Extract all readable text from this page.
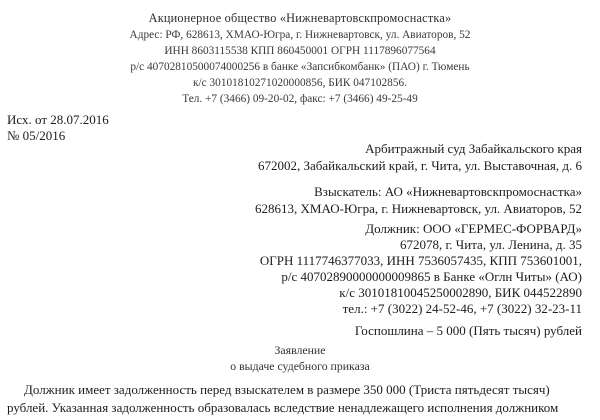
Акционерное общество «Нижневартовскпромоснастка»
Адрес: РФ, 628613, ХМАО-Югра, г. Нижневартовск, ул. Авиаторов, 52
ИНН 8603115538 КПП 860450001 ОГРН 1117896077564
р/с 40702810500074000256 в банке «Запсибкомбанк» (ПАО) г. Тюмень
к/с 30101810271020000856, БИК 047102856.
Тел. +7 (3466) 09-20-02, факс: +7 (3466) 49-25-49
Исх. от 28.07.2016
№ 05/2016
Арбитражный суд Забайкальского края
672002, Забайкальский край, г. Чита, ул. Выставочная, д. 6
Взыскатель: АО «Нижневартовскпромоснастка»
628613, ХМАО-Югра, г. Нижневартовск, ул. Авиаторов, 52
Должник: ООО «ГЕРМЕС-ФОРВАРД»
672078, г. Чита, ул. Ленина, д. 35
ОГРН 1117746377033, ИНН 7536057435, КПП 753601001,
р/с 40702890000000009865 в Банке «Оглн Читы» (АО)
к/с 30101810045250002890, БИК 044522890
тел.: +7 (3022) 24-52-46, +7 (3022) 32-23-11
Госпошлина – 5 000 (Пять тысяч) рублей
Заявление
о выдаче судебного приказа
Должник имеет задолженность перед взыскателем в размере 350 000 (Триста пятьдесят тысяч)
рублей. Указанная задолженность образовалась вследствие ненадлежащего исполнения должником
